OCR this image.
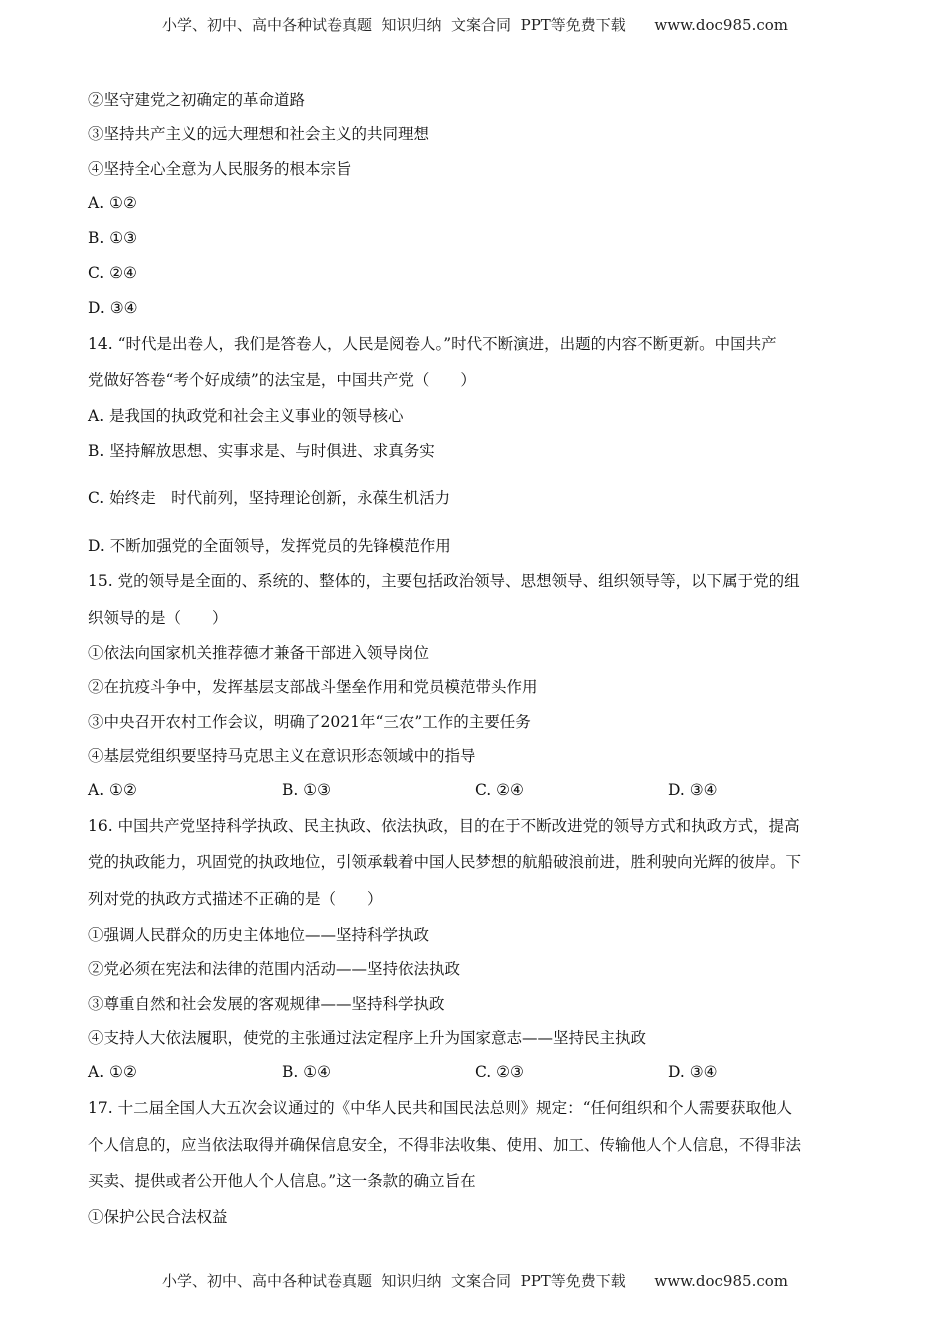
小学、初中、高中各种试卷真题  知识归纳  文案合同  PPT等免费下载      www.doc985.com
②坚守建党之初确定的革命道路
③坚持共产主义的远大理想和社会主义的共同理想
④坚持全心全意为人民服务的根本宗旨
A. ①②
B. ①③
C. ②④
D. ③④
14. “时代是出卷人，我们是答卷人，人民是阅卷人。”时代不断演进，出题的内容不断更新。中国共产
党做好答卷“考个好成绩”的法宝是，中国共产党（　　）
A. 是我国的执政党和社会主义事业的领导核心
B. 坚持解放思想、实事求是、与时俱进、求真务实
C. 始终走　时代前列，坚持理论创新，永葆生机活力
D. 不断加强党的全面领导，发挥党员的先锋模范作用
15. 党的领导是全面的、系统的、整体的，主要包括政治领导、思想领导、组织领导等，以下属于党的组
织领导的是（　　）
①依法向国家机关推荐德才兼备干部进入领导岗位
②在抗疫斗争中，发挥基层支部战斗堡垒作用和党员模范带头作用
③中央召开农村工作会议，明确了2021年“三农”工作的主要任务
④基层党组织要坚持马克思主义在意识形态领域中的指导
A. ①②	B. ①③	C. ②④	D. ③④
16. 中国共产党坚持科学执政、民主执政、依法执政，目的在于不断改进党的领导方式和执政方式，提高
党的执政能力，巩固党的执政地位，引领承载着中国人民梦想的航船破浪前进，胜利驶向光辉的彼岸。下
列对党的执政方式描述不正确的是（　　）
①强调人民群众的历史主体地位——坚持科学执政
②党必须在宪法和法律的范围内活动——坚持依法执政
③尊重自然和社会发展的客观规律——坚持科学执政
④支持人大依法履职，使党的主张通过法定程序上升为国家意志——坚持民主执政
A. ①②	B. ①④	C. ②③	D. ③④
17. 十二届全国人大五次会议通过的《中华人民共和国民法总则》规定：“任何组织和个人需要获取他人
个人信息的，应当依法取得并确保信息安全，不得非法收集、使用、加工、传输他人个人信息，不得非法
买卖、提供或者公开他人个人信息。”这一条款的确立旨在
①保护公民合法权益
小学、初中、高中各种试卷真题  知识归纳  文案合同  PPT等免费下载      www.doc985.com
